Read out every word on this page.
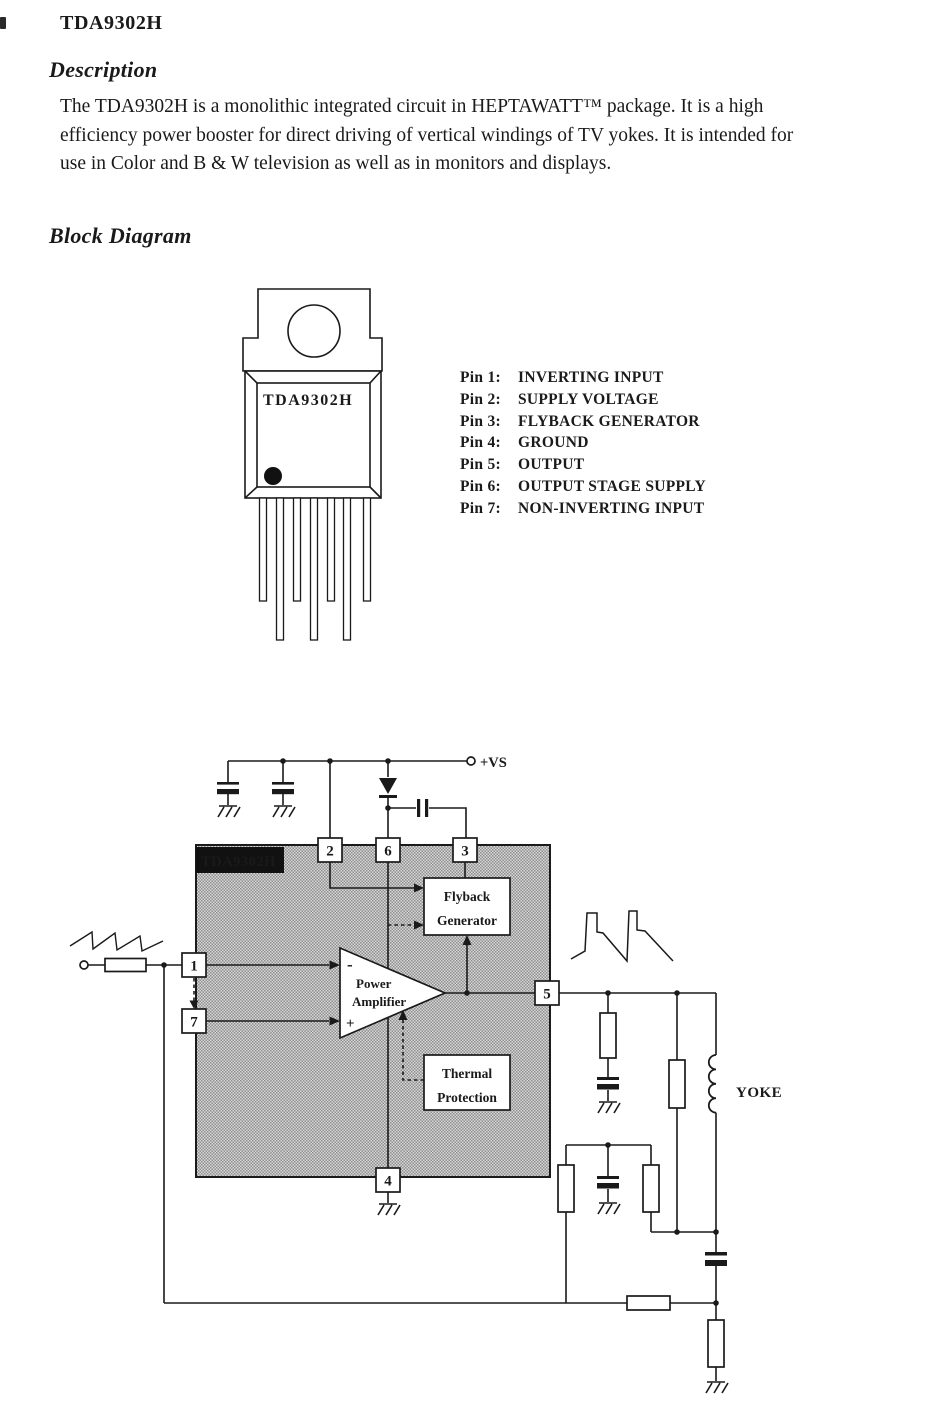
TDA9302H
Description
The TDA9302H is a monolithic integrated circuit in HEPTAWATT™ package. It is a high
efficiency power booster for direct driving of vertical windings of TV yokes. It is intended for
use in Color and B & W television as well as in monitors and displays.
Block Diagram
TDA9302H
Pin 1:	INVERTING INPUT
Pin 2:	SUPPLY VOLTAGE
Pin 3:	FLYBACK GENERATOR
Pin 4:	GROUND
Pin 5:	OUTPUT
Pin 6:	OUTPUT STAGE SUPPLY
Pin 7:	NON-INVERTING INPUT
+VS
TDA9302H
Flyback
Generator
Thermal
Protection
-
+
Power
Amplifier
2	6	3
1
7
5
4
YOKE
